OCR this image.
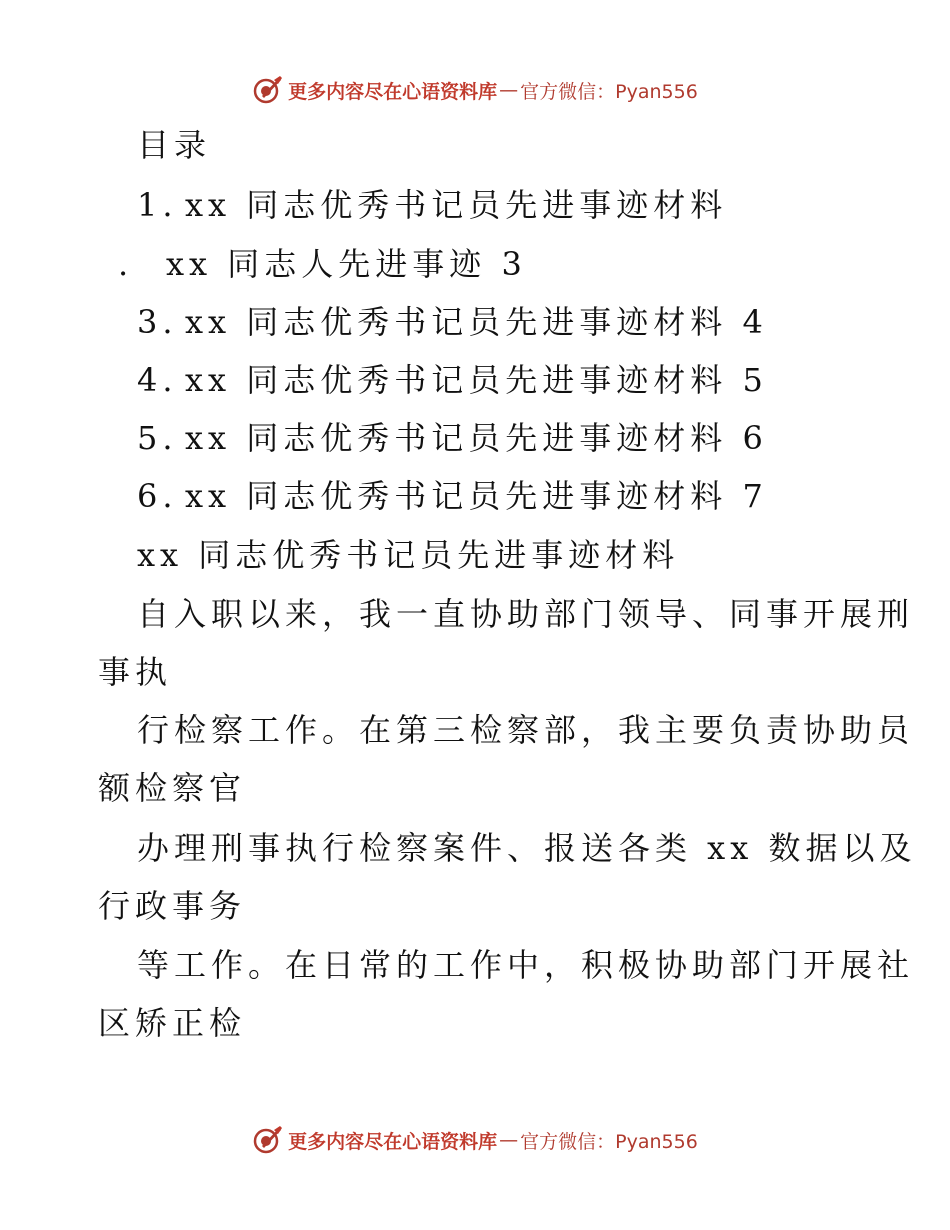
更多内容尽在心语资料库 — 官方微信：Pyan556
目录
1. xx 同志优秀书记员先进事迹材料
. xx 同志人先进事迹 3
3. xx 同志优秀书记员先进事迹材料 4
4. xx 同志优秀书记员先进事迹材料 5
5. xx 同志优秀书记员先进事迹材料 6
6. xx 同志优秀书记员先进事迹材料 7
xx 同志优秀书记员先进事迹材料
自入职以来，我一直协助部门领导、同事开展刑
事执
行检察工作。在第三检察部，我主要负责协助员
额检察官
办理刑事执行检察案件、报送各类 xx 数据以及
行政事务
等工作。在日常的工作中，积极协助部门开展社
区矫正检
更多内容尽在心语资料库 — 官方微信：Pyan556
